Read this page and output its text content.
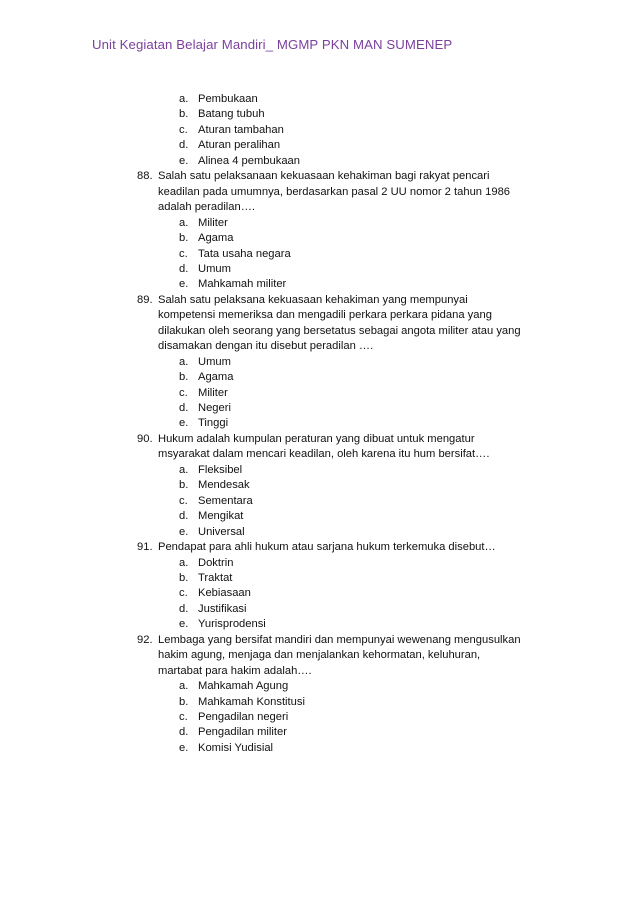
Unit Kegiatan Belajar Mandiri_ MGMP PKN MAN SUMENEP
a. Pembukaan
b. Batang tubuh
c. Aturan tambahan
d. Aturan peralihan
e. Alinea 4 pembukaan
88. Salah satu pelaksanaan kekuasaan kehakiman bagi rakyat pencari
keadilan pada umumnya, berdasarkan pasal 2 UU nomor 2 tahun 1986
adalah peradilan….
a. Militer
b. Agama
c. Tata usaha negara
d. Umum
e. Mahkamah militer
89. Salah satu pelaksana kekuasaan kehakiman yang mempunyai
kompetensi memeriksa dan mengadili perkara perkara pidana yang
dilakukan oleh seorang yang bersetatus sebagai angota militer atau yang
disamakan dengan itu disebut peradilan ….
a. Umum
b. Agama
c. Militer
d. Negeri
e. Tinggi
90. Hukum adalah kumpulan peraturan yang dibuat untuk mengatur
msyarakat dalam mencari keadilan, oleh karena itu hum bersifat….
a. Fleksibel
b. Mendesak
c. Sementara
d. Mengikat
e. Universal
91. Pendapat para ahli hukum atau sarjana hukum terkemuka disebut…
a. Doktrin
b. Traktat
c. Kebiasaan
d. Justifikasi
e. Yurisprodensi
92. Lembaga yang bersifat mandiri dan mempunyai wewenang mengusulkan
hakim agung, menjaga dan menjalankan kehormatan, keluhuran,
martabat para hakim adalah….
a. Mahkamah Agung
b. Mahkamah Konstitusi
c. Pengadilan negeri
d. Pengadilan militer
e. Komisi Yudisial
